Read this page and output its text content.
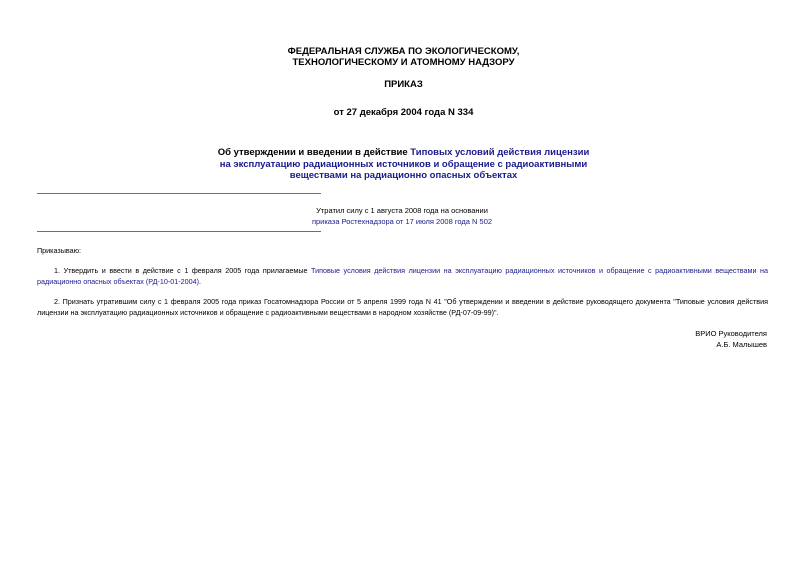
ФЕДЕРАЛЬНАЯ СЛУЖБА ПО ЭКОЛОГИЧЕСКОМУ,
ТЕХНОЛОГИЧЕСКОМУ И АТОМНОМУ НАДЗОРУ
ПРИКАЗ
от 27 декабря 2004 года N 334
Об утверждении и введении в действие Типовых условий действия лицензии
на эксплуатацию радиационных источников и обращение с радиоактивными
веществами на радиационно опасных объектах
Утратил силу с 1 августа 2008 года на основании
приказа Ростехнадзора от 17 июля 2008 года N 502
Приказываю:
1. Утвердить и ввести в действие с 1 февраля 2005 года прилагаемые Типовые условия действия лицензии на эксплуатацию радиационных источников и обращение с радиоактивными веществами на радиационно опасных объектах (РД-10-01-2004).
2. Признать утратившим силу с 1 февраля 2005 года приказ Госатомнадзора России от 5 апреля 1999 года N 41 "Об утверждении и введении в действие руководящего документа "Типовые условия действия лицензии на эксплуатацию радиационных источников и обращение с радиоактивными веществами в народном хозяйстве (РД-07-09-99)".
ВРИО Руководителя
А.Б. Малышев
